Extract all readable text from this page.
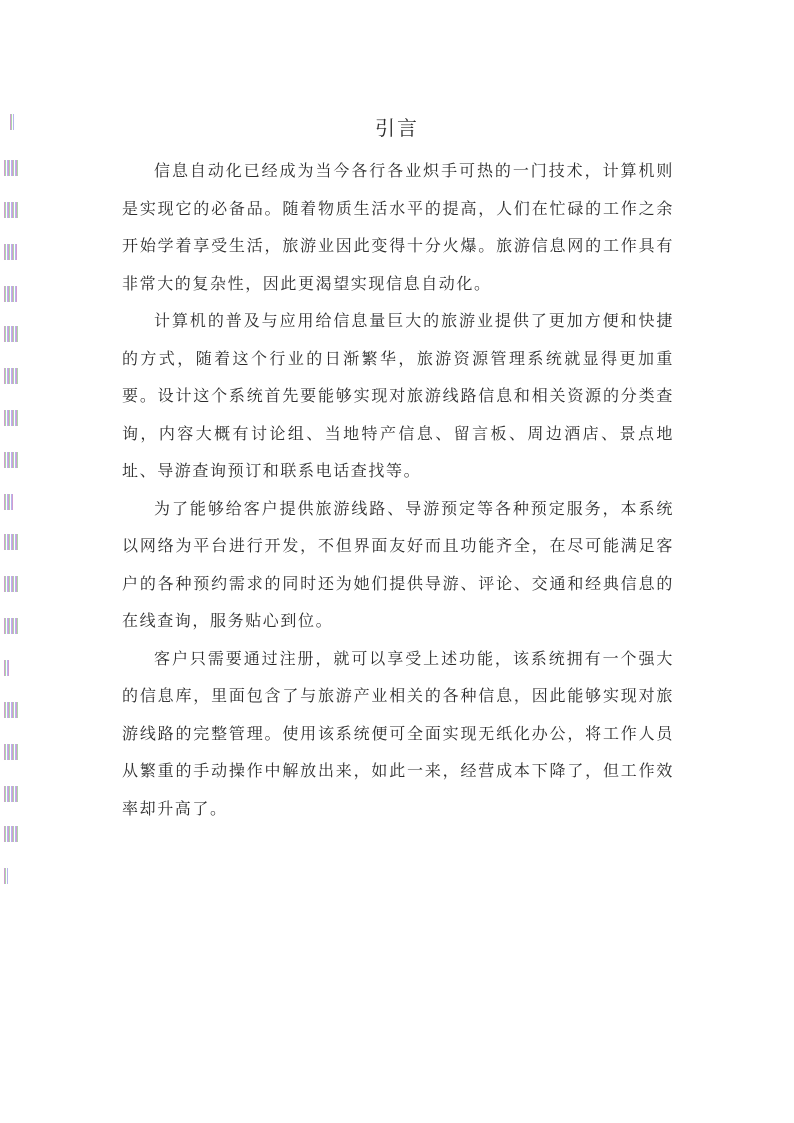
引言

信息自动化已经成为当今各行各业炽手可热的一门技术，计算机则是实现它的必备品。随着物质生活水平的提高，人们在忙碌的工作之余开始学着享受生活，旅游业因此变得十分火爆。旅游信息网的工作具有非常大的复杂性，因此更渴望实现信息自动化。

计算机的普及与应用给信息量巨大的旅游业提供了更加方便和快捷的方式，随着这个行业的日渐繁华，旅游资源管理系统就显得更加重要。设计这个系统首先要能够实现对旅游线路信息和相关资源的分类查询，内容大概有讨论组、当地特产信息、留言板、周边酒店、景点地址、导游查询预订和联系电话查找等。

为了能够给客户提供旅游线路、导游预定等各种预定服务，本系统以网络为平台进行开发，不但界面友好而且功能齐全，在尽可能满足客户的各种预约需求的同时还为她们提供导游、评论、交通和经典信息的在线查询，服务贴心到位。

客户只需要通过注册，就可以享受上述功能，该系统拥有一个强大的信息库，里面包含了与旅游产业相关的各种信息，因此能够实现对旅游线路的完整管理。使用该系统便可全面实现无纸化办公，将工作人员从繁重的手动操作中解放出来，如此一来，经营成本下降了，但工作效率却升高了。
